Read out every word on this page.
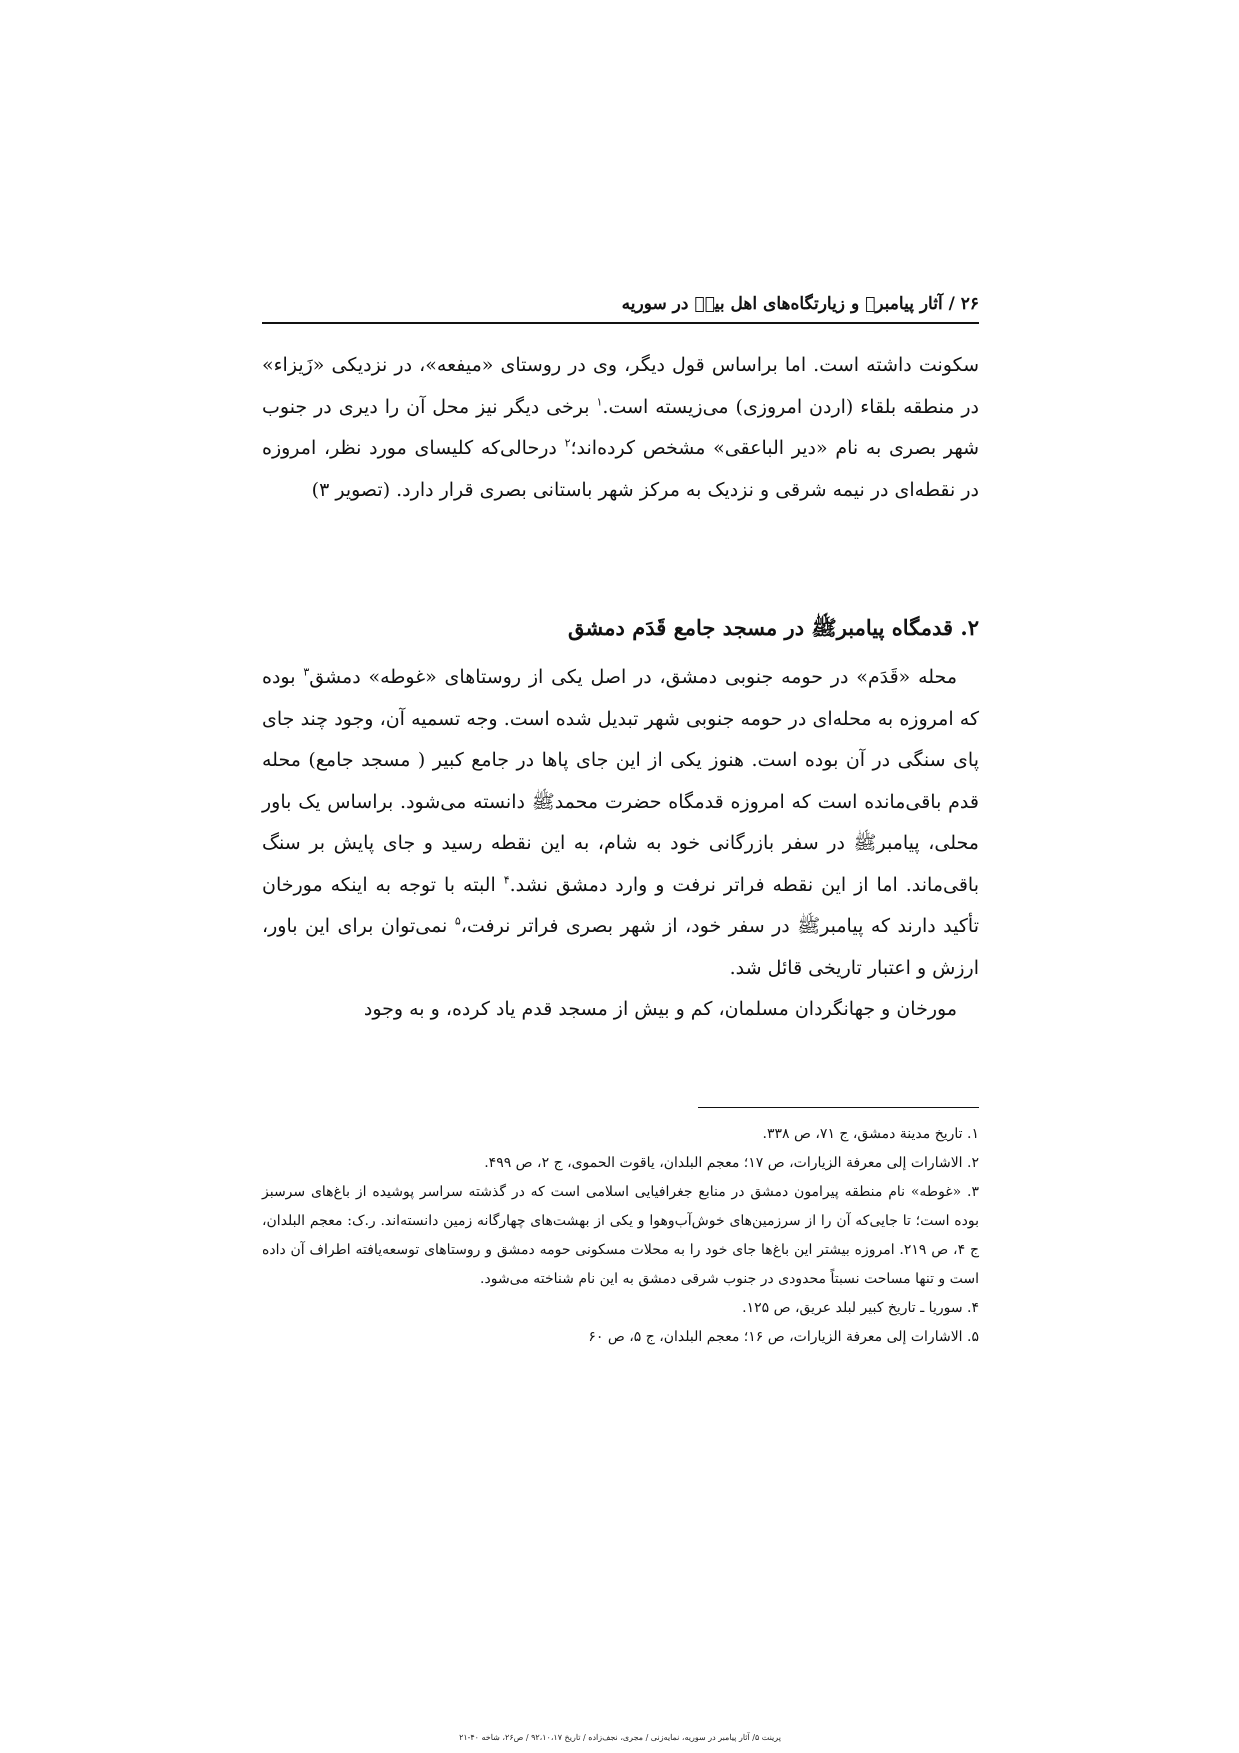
۲۶ / آثار پیامبرﷺ و زیارتگاه‌های اهل بیتؑ در سوریه

سکونت داشته است. اما براساس قول دیگر، وی در روستای «میفعه»، در نزدیکی «زَیزاء» در منطقه بلقاء (اردن امروزی) می‌زیسته است.$^۱$ برخی دیگر نیز محل آن را دیری در جنوب شهر بصری به نام «دیر الباعقی» مشخص کرده‌اند؛$^۲$ درحالی‌که کلیسای مورد نظر، امروزه در نقطه‌ای در نیمه شرقی و نزدیک به مرکز شهر باستانی بصری قرار دارد. (تصویر ۳)

۲. قدمگاه پیامبرﷺ در مسجد جامع قَدَم دمشق

محله «قَدَم» در حومه جنوبی دمشق، در اصل یکی از روستاهای «غوطه» دمشق$^۳$ بوده که امروزه به محله‌ای در حومه جنوبی شهر تبدیل شده است. وجه تسمیه آن، وجود چند جای پای سنگی در آن بوده است. هنوز یکی از این جای پاها در جامع کبیر ( مسجد جامع) محله قدم باقی‌مانده است که امروزه قدمگاه حضرت محمدﷺ دانسته می‌شود. براساس یک باور محلی، پیامبرﷺ در سفر بازرگانی خود به شام، به این نقطه رسید و جای پایش بر سنگ باقی‌ماند. اما از این نقطه فراتر نرفت و وارد دمشق نشد.$^۴$ البته با توجه به اینکه مورخان تأکید دارند که پیامبرﷺ در سفر خود، از شهر بصری فراتر نرفت،$^۵$ نمی‌توان برای این باور، ارزش و اعتبار تاریخی قائل شد.

مورخان و جهانگردان مسلمان، کم و بیش از مسجد قدم یاد کرده، و به وجود

۱. تاریخ مدینة دمشق، ج ۷۱، ص ۳۳۸.

۲. الاشارات إلی معرفة الزیارات، ص ۱۷؛ معجم البلدان، یاقوت الحموی، ج ۲، ص ۴۹۹.

۳. «غوطه» نام منطقه پیرامون دمشق در منابع جغرافیایی اسلامی است که در گذشته سراسر پوشیده از باغ‌های سرسبز بوده است؛ تا جایی‌که آن را از سرزمین‌های خوش‌آب‌وهوا و یکی از بهشت‌های چهارگانه زمین دانسته‌اند. ر.ک: معجم البلدان، ج ۴، ص ۲۱۹. امروزه بیشتر این باغ‌ها جای خود را به محلات مسکونی حومه دمشق و روستاهای توسعه‌یافته اطراف آن داده است و تنها مساحت نسبتاً محدودی در جنوب شرقی دمشق به این نام شناخته می‌شود.

۴. سوریا ـ تاریخ کبیر لبلد عریق، ص ۱۲۵.

۵. الاشارات إلی معرفة الزیارات، ص ۱۶؛ معجم البلدان، ج ۵، ص ۶۰

پرینت ۵/ آثار پیامبر در سوریه، نمایه‌زنی / مجری، نجف‌زاده / تاریخ ۹۲،۱۰،۱۷ / ص۲۶، شاخه ۴۰-۲۱
